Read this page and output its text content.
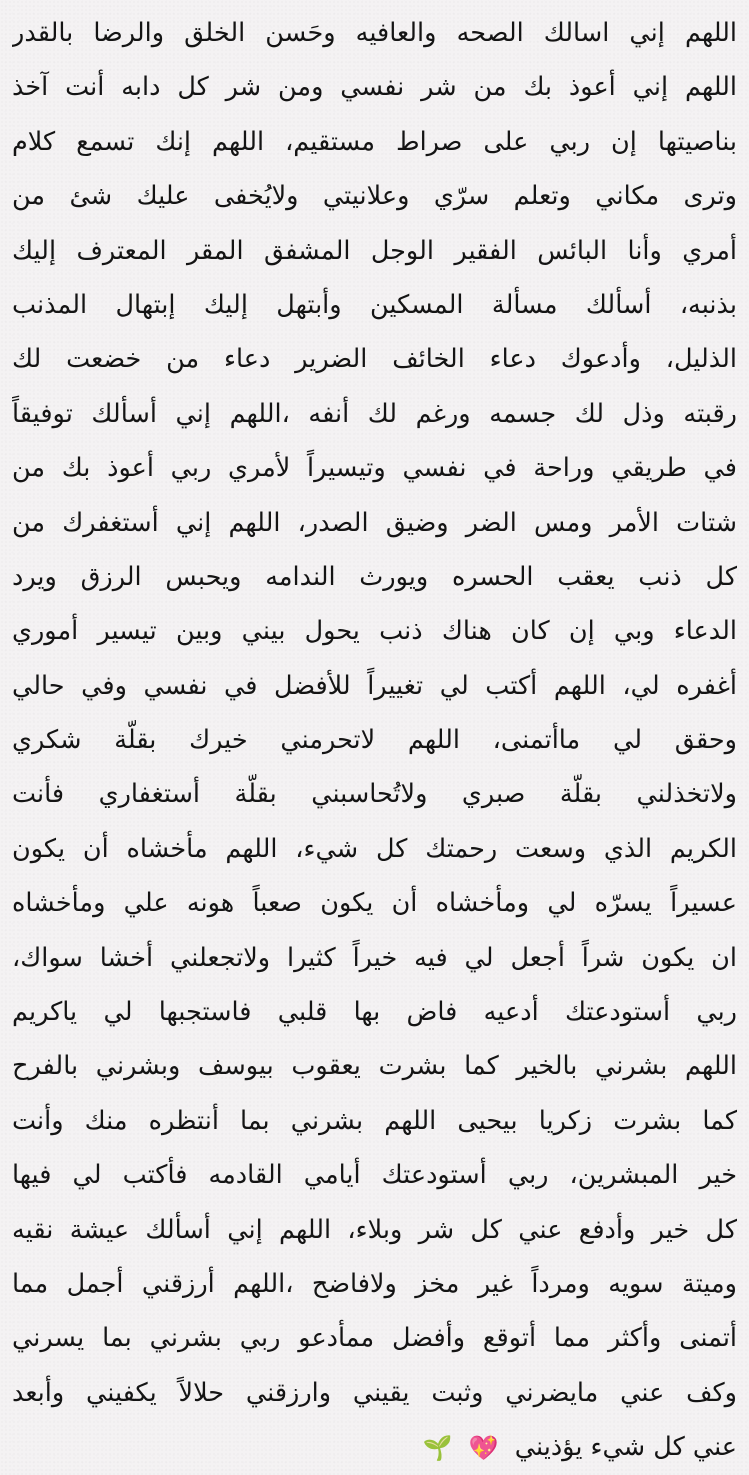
اللهم إني اسالك الصحه والعافيه وحَسن الخلق والرضا بالقدر
اللهم إني أعوذ بك من شر نفسي ومن شر كل دابه أنت آخذ
بناصيتها إن ربي على صراط مستقيم، اللهم إنك تسمع كلام
وترى مكاني وتعلم سرّي وعلانيتي ولايُخفى عليك شئ من
أمري وأنا البائس الفقير الوجل المشفق المقر المعترف إليك
بذنبه، أسألك مسألة المسكين وأبتهل إليك إبتهال المذنب
الذليل، وأدعوك دعاء الخائف الضرير دعاء من خضعت لك
رقبته وذل لك جسمه ورغم لك أنفه ،اللهم إني أسألك توفيقاً
في طريقي وراحة في نفسي وتيسيراً لأمري ربي أعوذ بك من
شتات الأمر ومس الضر وضيق الصدر، اللهم إني أستغفرك من
كل ذنب يعقب الحسره ويورث الندامه ويحبس الرزق ويرد
الدعاء وبي إن كان هناك ذنب يحول بيني وبين تيسير أموري
أغفره لي، اللهم أكتب لي تغييراً للأفضل في نفسي وفي حالي
وحقق لي ماأتمنى، اللهم لاتحرمني خيرك بقلّة شكري
ولاتخذلني بقلّة صبري ولاتُحاسبني بقلّة أستغفاري فأنت
الكريم الذي وسعت رحمتك كل شيء، اللهم مأخشاه أن يكون
عسيراً يسرّه لي ومأخشاه أن يكون صعباً هونه علي ومأخشاه
ان يكون شراً أجعل لي فيه خيراً كثيرا ولاتجعلني أخشا سواك،
ربي أستودعتك أدعيه فاض بها قلبي فاستجبها لي ياكريم
اللهم بشرني بالخير كما بشرت يعقوب بيوسف وبشرني بالفرح
كما بشرت زكريا بيحيى اللهم بشرني بما أنتظره منك وأنت
خير المبشرين، ربي أستودعتك أيامي القادمه فأكتب لي فيها
كل خير وأدفع عني كل شر وبلاء، اللهم إني أسألك عيشة نقيه
وميتة سويه ومرداً غير مخز ولافاضح ،اللهم أرزقني أجمل مما
أتمنى وأكثر مما أتوقع وأفضل ممأدعو ربي بشرني بما يسرني
وكف عني مايضرني وثبت يقيني وارزقني حلالاً يكفيني وأبعد
عني كل شيء يؤذيني 💖 🌱
